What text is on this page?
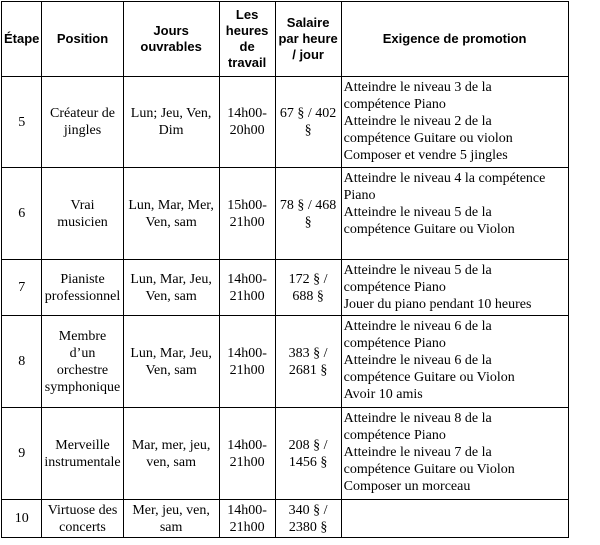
Étape	Position	Jours ouvrables	Les heures de travail	Salaire par heure / jour	Exigence de promotion
5	Créateur de jingles	Lun; Jeu, Ven, Dim	14h00-20h00	67 § / 402 §	Atteindre le niveau 3 de la
compétence Piano
Atteindre le niveau 2 de la
compétence Guitare ou violon
Composer et vendre 5 jingles

6	Vrai musicien	Lun, Mar, Mer, Ven, sam	15h00-21h00	78 § / 468 §	Atteindre le niveau 4 la compétence
Piano
Atteindre le niveau 5 de la
compétence Guitare ou Violon

7	Pianiste professionnel	Lun, Mar, Jeu, Ven, sam	14h00-21h00	172 § / 688 §	Atteindre le niveau 5 de la
compétence Piano
Jouer du piano pendant 10 heures

8	Membre d’un orchestre symphonique	Lun, Mar, Jeu, Ven, sam	14h00-21h00	383 § / 2681 §	Atteindre le niveau 6 de la
compétence Piano
Atteindre le niveau 6 de la
compétence Guitare ou Violon
Avoir 10 amis

9	Merveille instrumentale	Mar, mer, jeu, ven, sam	14h00-21h00	208 § / 1456 §	Atteindre le niveau 8 de la
compétence Piano
Atteindre le niveau 7 de la
compétence Guitare ou Violon
Composer un morceau

10	Virtuose des concerts	Mer, jeu, ven, sam	14h00-21h00	340 § / 2380 §	
